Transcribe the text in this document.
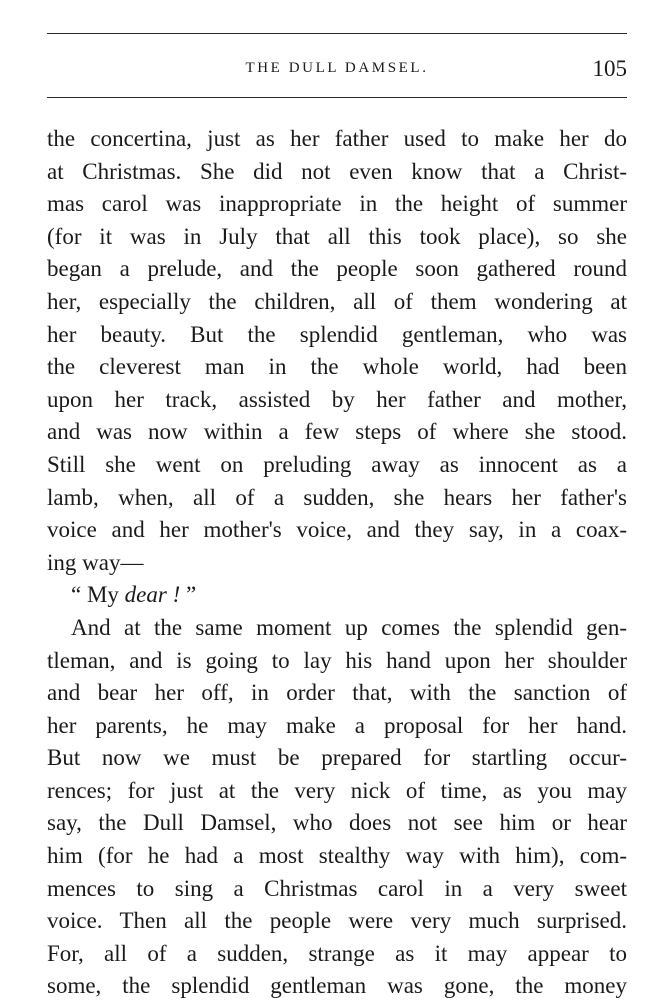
THE DULL DAMSEL.	105
the concertina, just as her father used to make her do
at Christmas. She did not even know that a Christ-
mas carol was inappropriate in the height of summer
(for it was in July that all this took place), so she
began a prelude, and the people soon gathered round
her, especially the children, all of them wondering at
her beauty. But the splendid gentleman, who was
the cleverest man in the whole world, had been
upon her track, assisted by her father and mother,
and was now within a few steps of where she stood.
Still she went on preluding away as innocent as a
lamb, when, all of a sudden, she hears her father's
voice and her mother's voice, and they say, in a coax-
ing way—
“ My dear ! ”
And at the same moment up comes the splendid gen-
tleman, and is going to lay his hand upon her shoulder
and bear her off, in order that, with the sanction of
her parents, he may make a proposal for her hand.
But now we must be prepared for startling occur-
rences; for just at the very nick of time, as you may
say, the Dull Damsel, who does not see him or hear
him (for he had a most stealthy way with him), com-
mences to sing a Christmas carol in a very sweet
voice. Then all the people were very much surprised.
For, all of a sudden, strange as it may appear to
some, the splendid gentleman was gone, the money
